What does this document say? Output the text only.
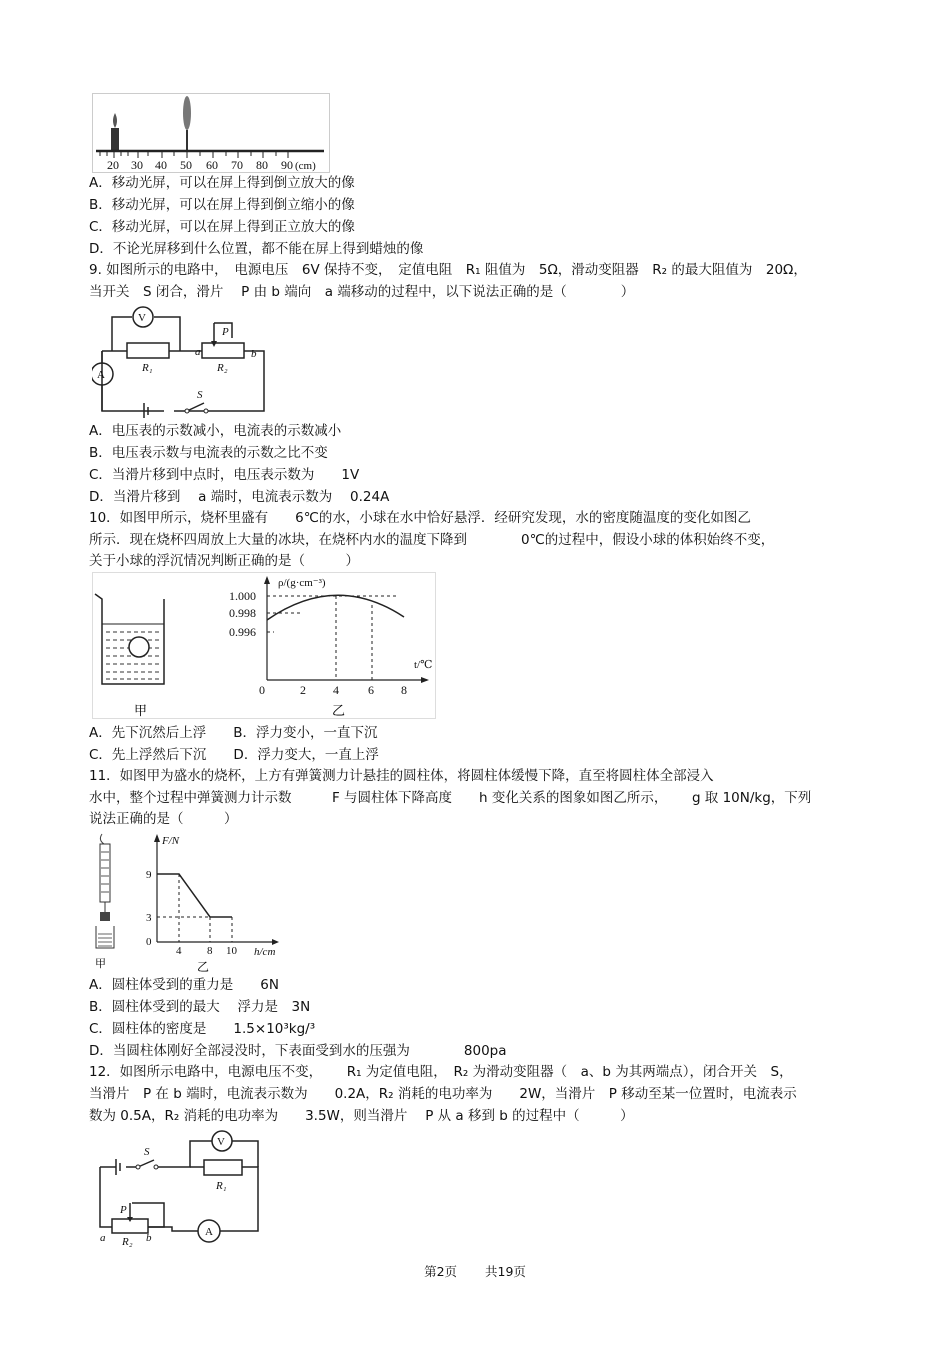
20 30 40 50 60 70 80 90 (cm)
A．移动光屏，可以在屏上得到倒立放大的像
B．移动光屏，可以在屏上得到倒立缩小的像
C．移动光屏，可以在屏上得到正立放大的像
D．不论光屏移到什么位置，都不能在屏上得到蜡烛的像
9. 如图所示的电路中，　电源电压　6V 保持不变，　定值电阻　R₁ 阻值为　5Ω，滑动变阻器　R₂ 的最大阻值为　20Ω，
当开关　S 闭合，滑片　 P 由 b 端向　a 端移动的过程中，以下说法正确的是（　　　　）
V
A
R₁	R₂
P
S
a	b
A．电压表的示数减小，电流表的示数减小
B．电压表示数与电流表的示数之比不变
C．当滑片移到中点时，电压表示数为　　1V
D．当滑片移到　 a 端时，电流表示数为　 0.24A
10．如图甲所示，烧杯里盛有　　6℃的水，小球在水中恰好悬浮．经研究发现，水的密度随温度的变化如图乙
所示．现在烧杯四周放上大量的冰块，在烧杯内水的温度下降到　　　　0℃的过程中，假设小球的体积始终不变，
关于小球的浮沉情况判断正确的是（　　　）
甲
ρ/(g·cm⁻³)
t/℃
1.000
0.998
0.996
0	2 4 6 8
乙
A．先下沉然后上浮　　B．浮力变小，一直下沉
C．先上浮然后下沉　　D．浮力变大，一直上浮
11．如图甲为盛水的烧杯，上方有弹簧测力计悬挂的圆柱体，将圆柱体缓慢下降，直至将圆柱体全部浸入
水中，整个过程中弹簧测力计示数　　　F 与圆柱体下降高度　　h 变化关系的图象如图乙所示，　　 g 取 10N/kg，下列
说法正确的是（　　　）
甲
F/N
h/cm
9
3
0
4 8 10
乙
A．圆柱体受到的重力是　　6N
B．圆柱体受到的最大　 浮力是　3N
C．圆柱体的密度是　　1.5×10³kg/³
D．当圆柱体刚好全部浸没时，下表面受到水的压强为　　　　800pa
12．如图所示电路中，电源电压不变，　　 R₁ 为定值电阻，　R₂ 为滑动变阻器（　a、b 为其两端点），闭合开关　S，
当滑片　P 在 b 端时，电流表示数为　　0.2A，R₂ 消耗的电功率为　　2W，当滑片　P 移动至某一位置时，电流表示
数为 0.5A，R₂ 消耗的电功率为　　3.5W，则当滑片　 P 从 a 移到 b 的过程中（　　　）
S
V
R₁
P
A
a R₂ b
第2页 共19页
